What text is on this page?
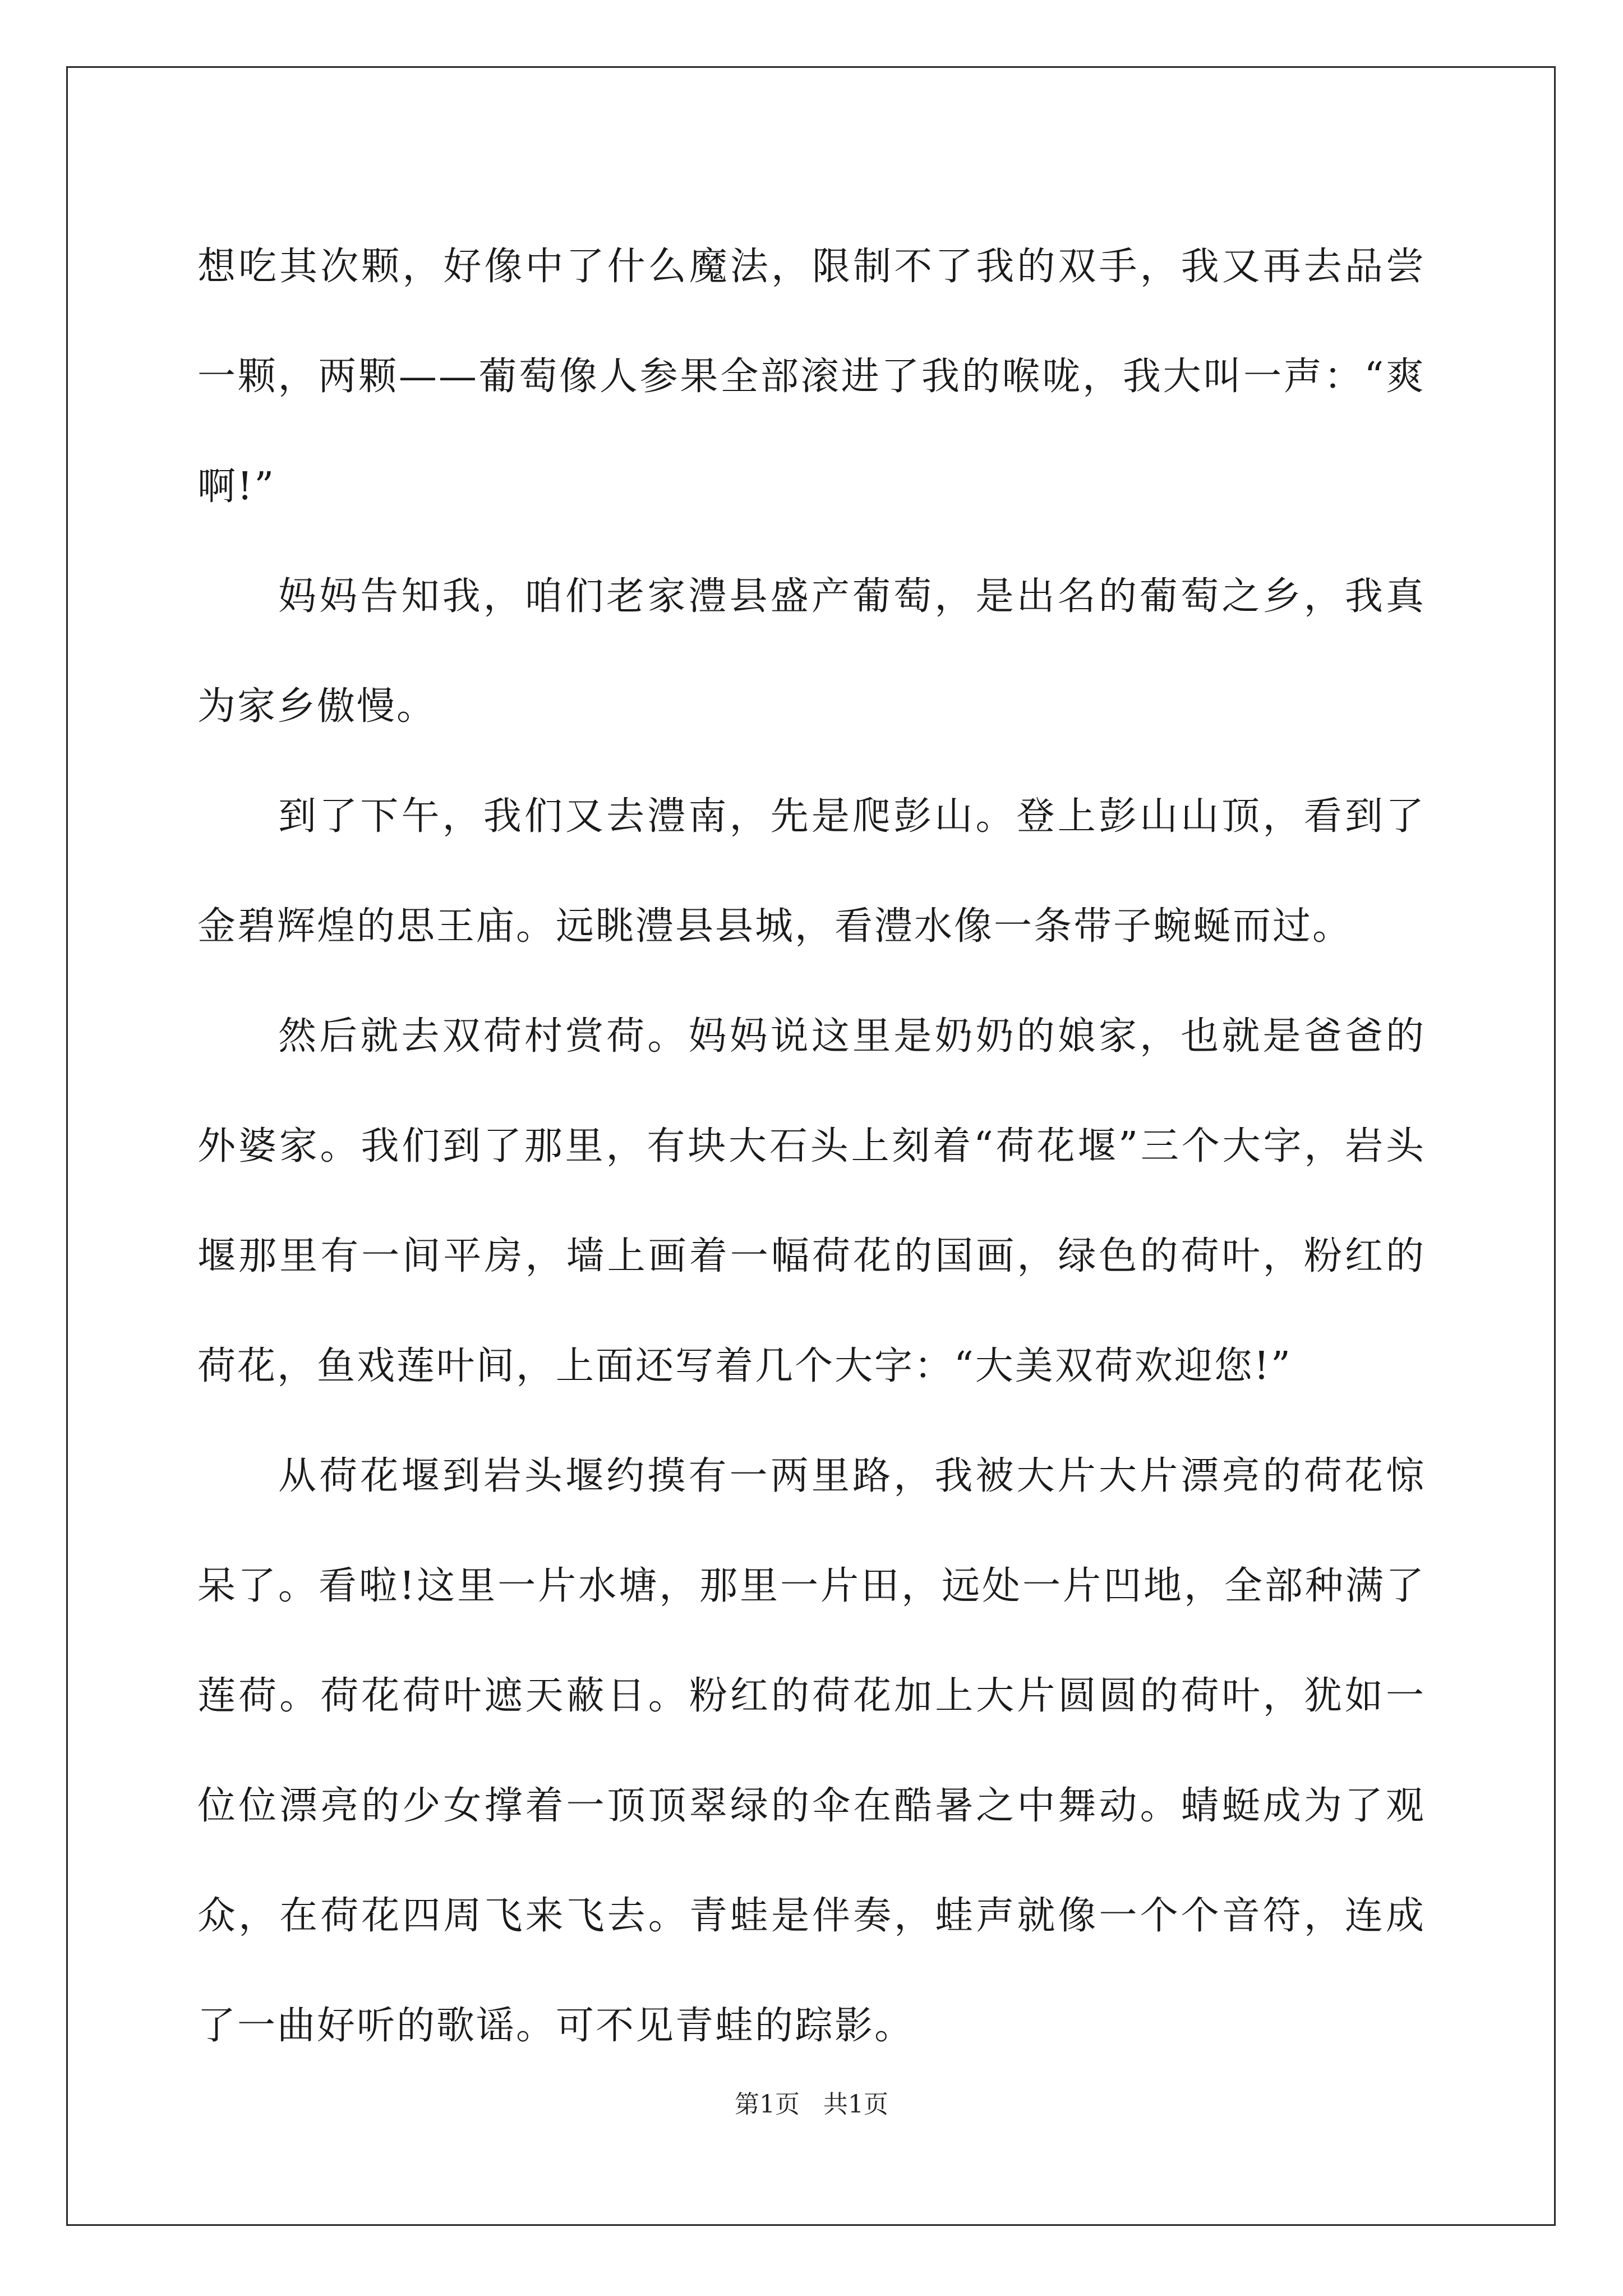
想吃其次颗，好像中了什么魔法，限制不了我的双手，我又再去品尝一颗，两颗——葡萄像人参果全部滚进了我的喉咙，我大叫一声：“爽啊!”

妈妈告知我，咱们老家澧县盛产葡萄，是出名的葡萄之乡，我真为家乡傲慢。

到了下午，我们又去澧南，先是爬彭山。登上彭山山顶，看到了金碧辉煌的思王庙。远眺澧县县城，看澧水像一条带子蜿蜒而过。

然后就去双荷村赏荷。妈妈说这里是奶奶的娘家，也就是爸爸的外婆家。我们到了那里，有块大石头上刻着“荷花堰”三个大字，岩头堰那里有一间平房，墙上画着一幅荷花的国画，绿色的荷叶，粉红的荷花，鱼戏莲叶间，上面还写着几个大字：“大美双荷欢迎您!”

从荷花堰到岩头堰约摸有一两里路，我被大片大片漂亮的荷花惊呆了。看啦!这里一片水塘，那里一片田，远处一片凹地，全部种满了莲荷。荷花荷叶遮天蔽日。粉红的荷花加上大片圆圆的荷叶，犹如一位位漂亮的少女撑着一顶顶翠绿的伞在酷暑之中舞动。蜻蜓成为了观众，在荷花四周飞来飞去。青蛙是伴奏，蛙声就像一个个音符，连成了一曲好听的歌谣。可不见青蛙的踪影。

第1页 共1页
